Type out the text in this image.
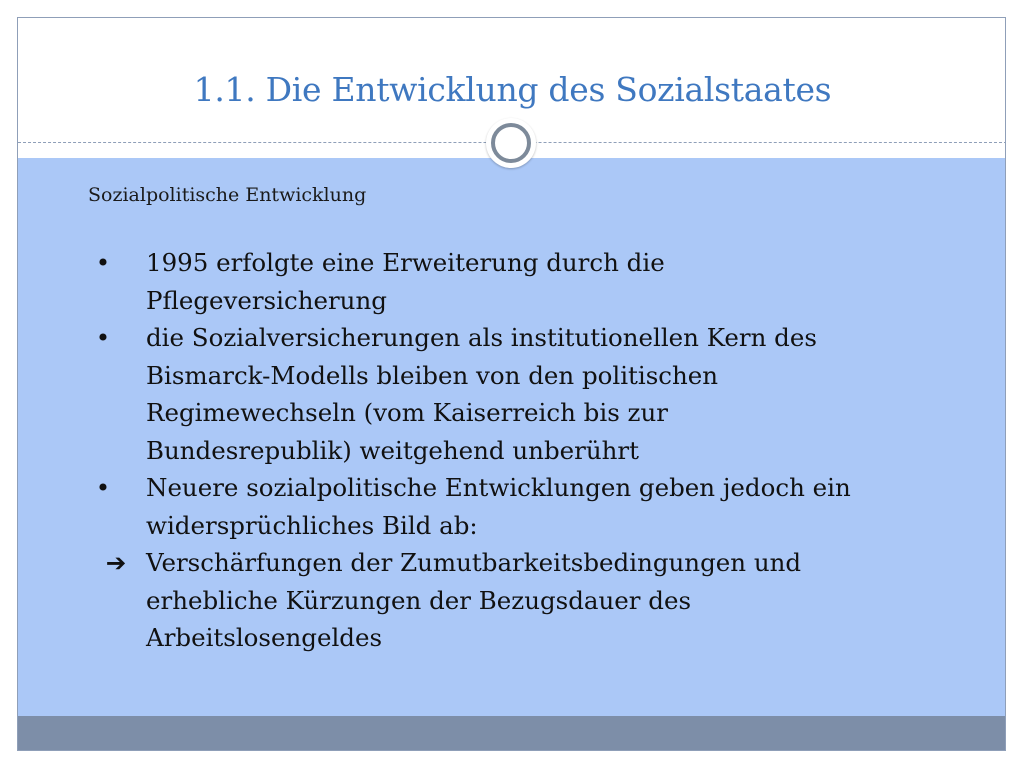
1.1. Die Entwicklung des Sozialstaates

Sozialpolitische Entwicklung

•	1995 erfolgte eine Erweiterung durch die
Pflegeversicherung
•	die Sozialversicherungen als institutionellen Kern des
Bismarck-Modells bleiben von den politischen
Regimewechseln (vom Kaiserreich bis zur
Bundesrepublik) weitgehend unberührt
•	Neuere sozialpolitische Entwicklungen geben jedoch ein
widersprüchliches Bild ab:
➔ Verschärfungen der Zumutbarkeitsbedingungen und
erhebliche Kürzungen der Bezugsdauer des
Arbeitslosengeldes
